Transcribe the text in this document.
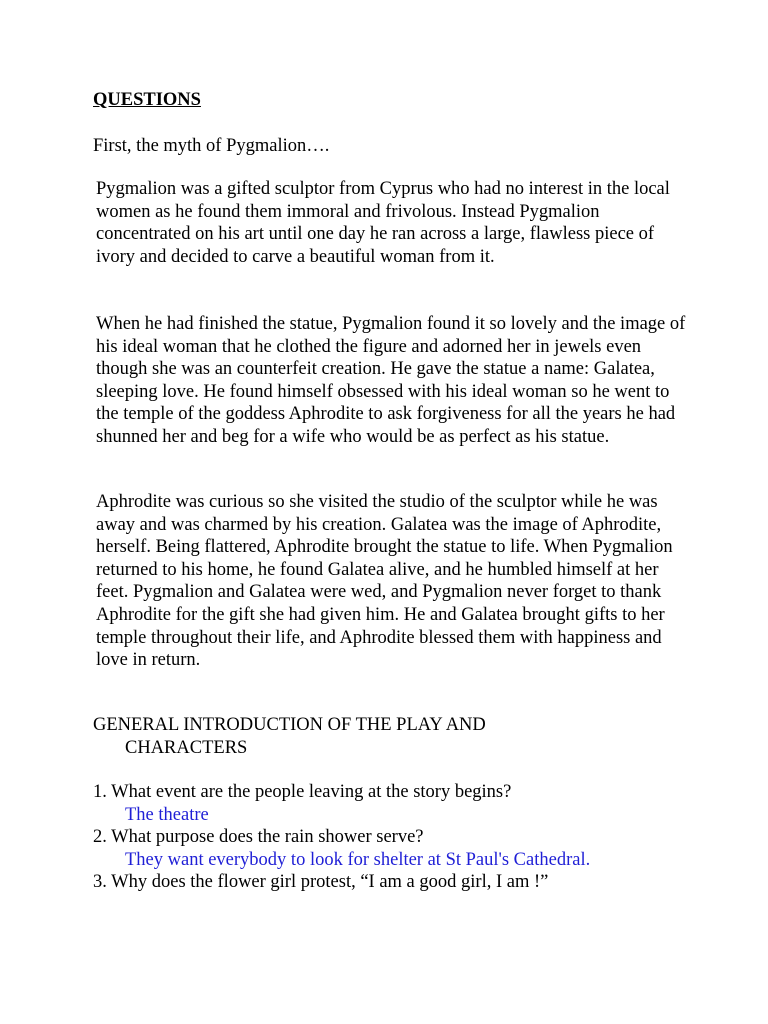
QUESTIONS
First, the myth of Pygmalion….

Pygmalion was a gifted sculptor from Cyprus who had no interest in the local women as he found them immoral and frivolous. Instead Pygmalion concentrated on his art until one day he ran across a large, flawless piece of ivory and decided to carve a beautiful woman from it.

When he had finished the statue, Pygmalion found it so lovely and the image of his ideal woman that he clothed the figure and adorned her in jewels even though she was an counterfeit creation. He gave the statue a name: Galatea, sleeping love. He found himself obsessed with his ideal woman so he went to the temple of the goddess Aphrodite to ask forgiveness for all the years he had shunned her and beg for a wife who would be as perfect as his statue.

Aphrodite was curious so she visited the studio of the sculptor while he was away and was charmed by his creation. Galatea was the image of Aphrodite, herself. Being flattered, Aphrodite brought the statue to life. When Pygmalion returned to his home, he found Galatea alive, and he humbled himself at her feet. Pygmalion and Galatea were wed, and Pygmalion never forget to thank Aphrodite for the gift she had given him. He and Galatea brought gifts to her temple throughout their life, and Aphrodite blessed them with happiness and love in return.

GENERAL INTRODUCTION OF THE PLAY AND
CHARACTERS
1. What event are the people leaving at the story begins?
The theatre
2. What purpose does the rain shower serve?
They want everybody to look for shelter at St Paul's Cathedral.
3. Why does the flower girl protest, “I am a good girl, I am !”
